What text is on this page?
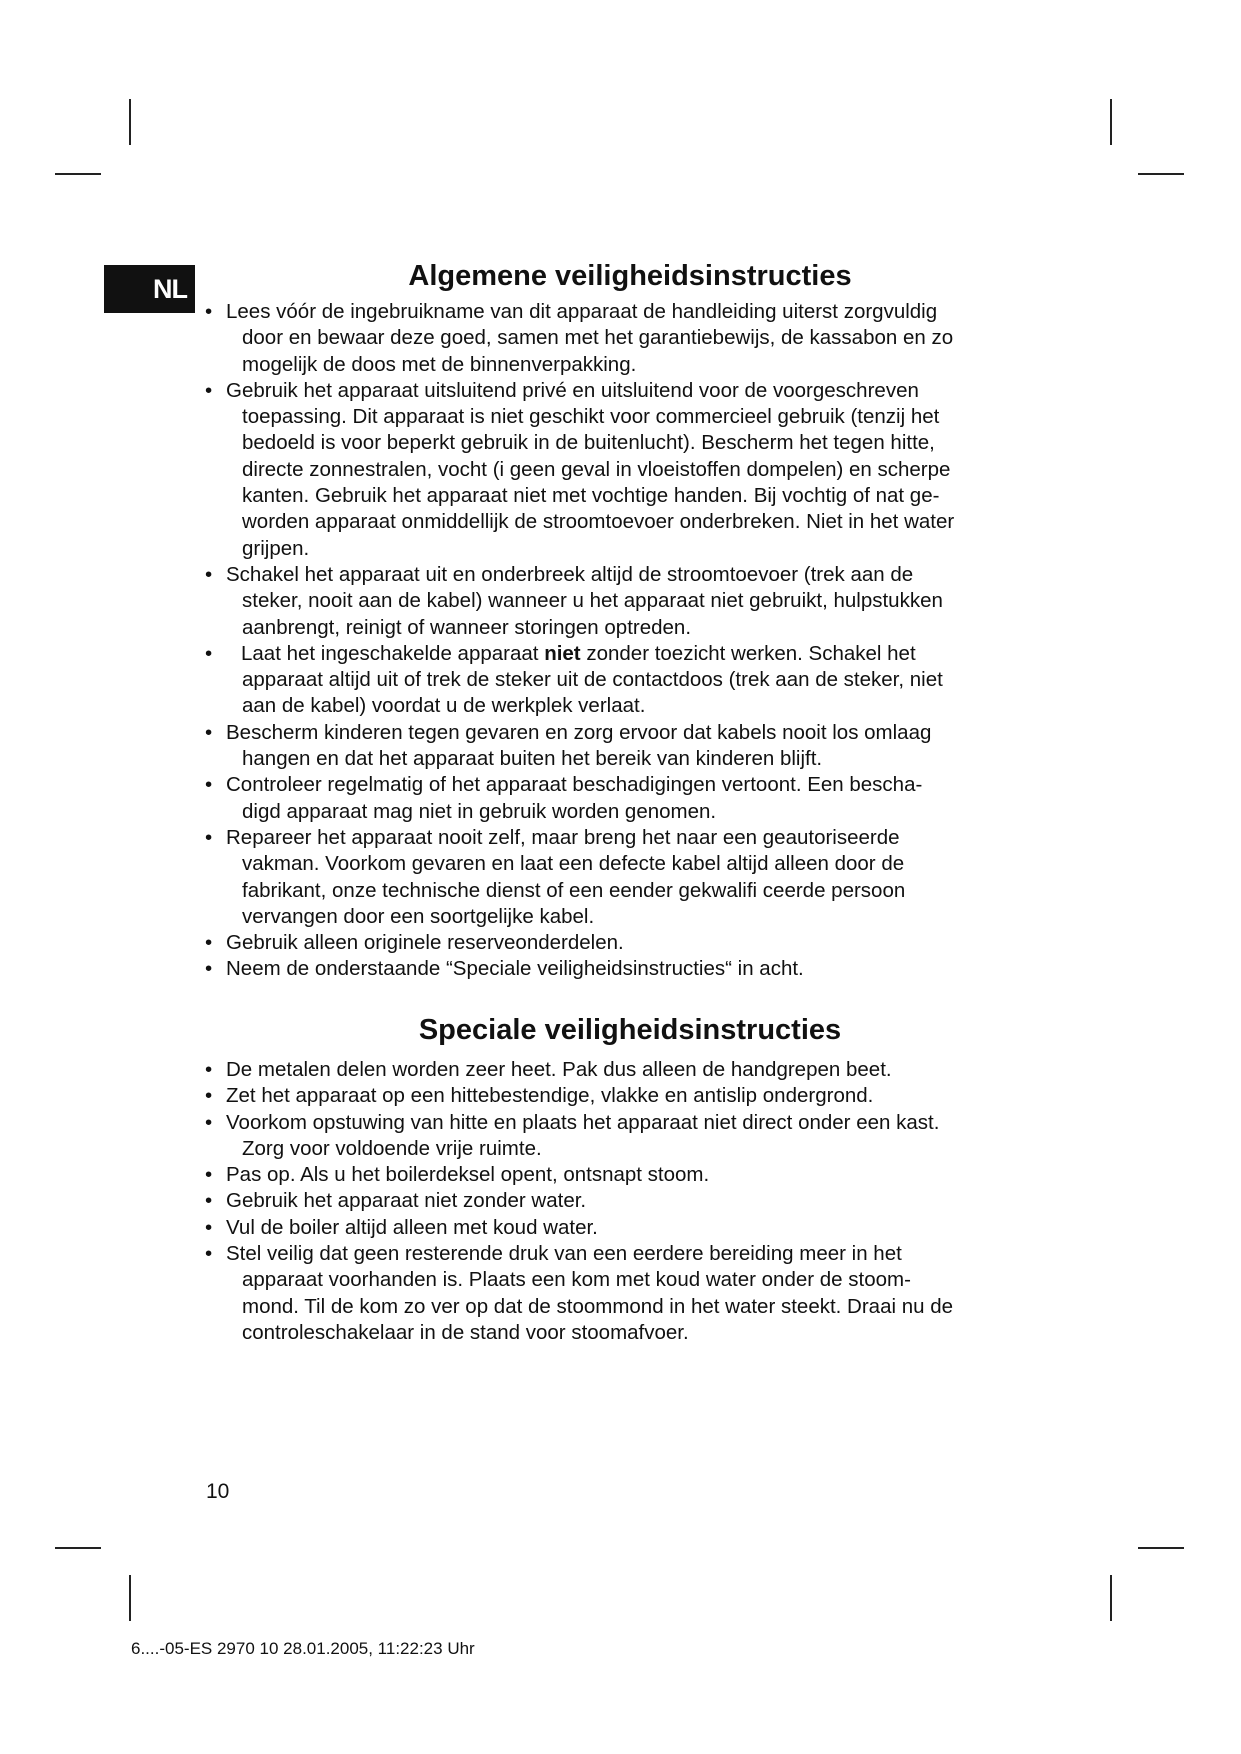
NL	Algemene veiligheidsinstructies
• Lees vóór de ingebruikname van dit apparaat de handleiding uiterst zorgvuldig
door en bewaar deze goed, samen met het garantiebewijs, de kassabon en zo
mogelijk de doos met de binnenverpakking.
• Gebruik het apparaat uitsluitend privé en uitsluitend voor de voorgeschreven
toepassing. Dit apparaat is niet geschikt voor commercieel gebruik (tenzij het
bedoeld is voor beperkt gebruik in de buitenlucht). Bescherm het tegen hitte,
directe zonnestralen, vocht (i geen geval in vloeistoffen dompelen) en scherpe
kanten. Gebruik het apparaat niet met vochtige handen. Bij vochtig of nat ge-
worden apparaat onmiddellijk de stroomtoevoer onderbreken. Niet in het water
grijpen.
• Schakel het apparaat uit en onderbreek altijd de stroomtoevoer (trek aan de
steker, nooit aan de kabel) wanneer u het apparaat niet gebruikt, hulpstukken
aanbrengt, reinigt of wanneer storingen optreden.
• Laat het ingeschakelde apparaat niet zonder toezicht werken. Schakel het
apparaat altijd uit of trek de steker uit de contactdoos (trek aan de steker, niet
aan de kabel) voordat u de werkplek verlaat.
• Bescherm kinderen tegen gevaren en zorg ervoor dat kabels nooit los omlaag
hangen en dat het apparaat buiten het bereik van kinderen blijft.
• Controleer regelmatig of het apparaat beschadigingen vertoont. Een bescha-
digd apparaat mag niet in gebruik worden genomen.
• Repareer het apparaat nooit zelf, maar breng het naar een geautoriseerde
vakman. Voorkom gevaren en laat een defecte kabel altijd alleen door de
fabrikant, onze technische dienst of een eender gekwalifi ceerde persoon
vervangen door een soortgelijke kabel.
• Gebruik alleen originele reserveonderdelen.
• Neem de onderstaande “Speciale veiligheidsinstructies“ in acht.
Speciale veiligheidsinstructies
• De metalen delen worden zeer heet. Pak dus alleen de handgrepen beet.
• Zet het apparaat op een hittebestendige, vlakke en antislip ondergrond.
• Voorkom opstuwing van hitte en plaats het apparaat niet direct onder een kast.
Zorg voor voldoende vrije ruimte.
• Pas op. Als u het boilerdeksel opent, ontsnapt stoom.
• Gebruik het apparaat niet zonder water.
• Vul de boiler altijd alleen met koud water.
• Stel veilig dat geen resterende druk van een eerdere bereiding meer in het
apparaat voorhanden is. Plaats een kom met koud water onder de stoom-
mond. Til de kom zo ver op dat de stoommond in het water steekt. Draai nu de
controleschakelaar in de stand voor stoomafvoer.
10
6....-05-ES 2970 10 28.01.2005, 11:22:23 Uhr
